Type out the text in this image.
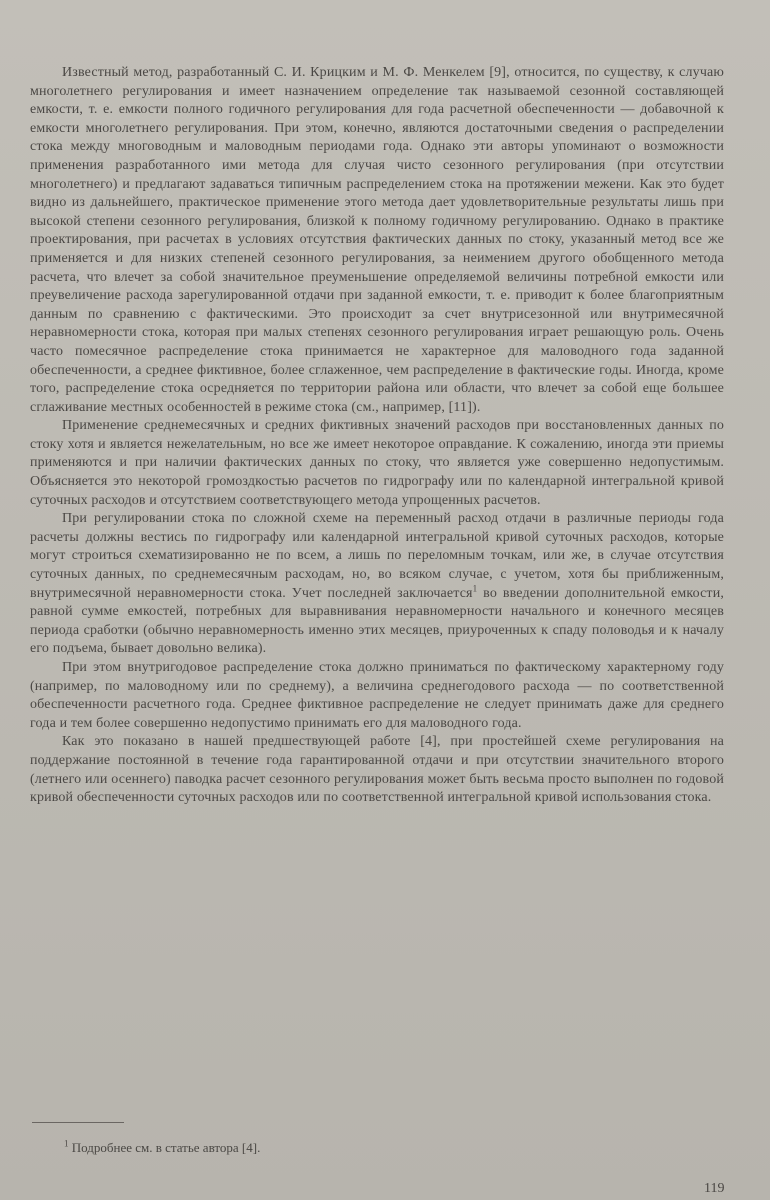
Известный метод, разработанный С. И. Крицким и М. Ф. Менкелем [9], относится, по существу, к случаю многолетнего регулирования и имеет назначением определение так называемой сезонной составляющей емкости, т. е. емкости полного годичного регулирования для года расчетной обеспеченности — добавочной к емкости многолетнего регулирования. При этом, конечно, являются достаточными сведения о распределении стока между многоводным и маловодным периодами года. Однако эти авторы упоминают о возможности применения разработанного ими метода для случая чисто сезонного регулирования (при отсутствии многолетнего) и предлагают задаваться типичным распределением стока на протяжении межени. Как это будет видно из дальнейшего, практическое применение этого метода дает удовлетворительные результаты лишь при высокой степени сезонного регулирования, близкой к полному годичному регулированию. Однако в практике проектирования, при расчетах в условиях отсутствия фактических данных по стоку, указанный метод все же применяется и для низких степеней сезонного регулирования, за неимением другого обобщенного метода расчета, что влечет за собой значительное преуменьшение определяемой величины потребной емкости или преувеличение расхода зарегулированной отдачи при заданной емкости, т. е. приводит к более благоприятным данным по сравнению с фактическими. Это происходит за счет внутрисезонной или внутримесячной неравномерности стока, которая при малых степенях сезонного регулирования играет решающую роль. Очень часто помесячное распределение стока принимается не характерное для маловодного года заданной обеспеченности, а среднее фиктивное, более сглаженное, чем распределение в фактические годы. Иногда, кроме того, распределение стока осредняется по территории района или области, что влечет за собой еще большее сглаживание местных особенностей в режиме стока (см., например, [11]).

Применение среднемесячных и средних фиктивных значений расходов при восстановленных данных по стоку хотя и является нежелательным, но все же имеет некоторое оправдание. К сожалению, иногда эти приемы применяются и при наличии фактических данных по стоку, что является уже совершенно недопустимым. Объясняется это некоторой громоздкостью расчетов по гидрографу или по календарной интегральной кривой суточных расходов и отсутствием соответствующего метода упрощенных расчетов.

При регулировании стока по сложной схеме на переменный расход отдачи в различные периоды года расчеты должны вестись по гидрографу или календарной интегральной кривой суточных расходов, которые могут строиться схематизированно не по всем, а лишь по переломным точкам, или же, в случае отсутствия суточных данных, по среднемесячным расходам, но, во всяком случае, с учетом, хотя бы приближенным, внутримесячной неравномерности стока. Учет последней заключается$^1$ во введении дополнительной емкости, равной сумме емкостей, потребных для выравнивания неравномерности начального и конечного месяцев периода сработки (обычно неравномерность именно этих месяцев, приуроченных к спаду половодья и к началу его подъема, бывает довольно велика).

При этом внутригодовое распределение стока должно приниматься по фактическому характерному году (например, по маловодному или по среднему), а величина среднегодового расхода — по соответственной обеспеченности расчетного года. Среднее фиктивное распределение не следует принимать даже для среднего года и тем более совершенно недопустимо принимать его для маловодного года.

Как это показано в нашей предшествующей работе [4], при простейшей схеме регулирования на поддержание постоянной в течение года гарантированной отдачи и при отсутствии значительного второго (летнего или осеннего) паводка расчет сезонного регулирования может быть весьма просто выполнен по годовой кривой обеспеченности суточных расходов или по соответственной интегральной кривой использования стока.

$^1$ Подробнее см. в статье автора [4].
119
